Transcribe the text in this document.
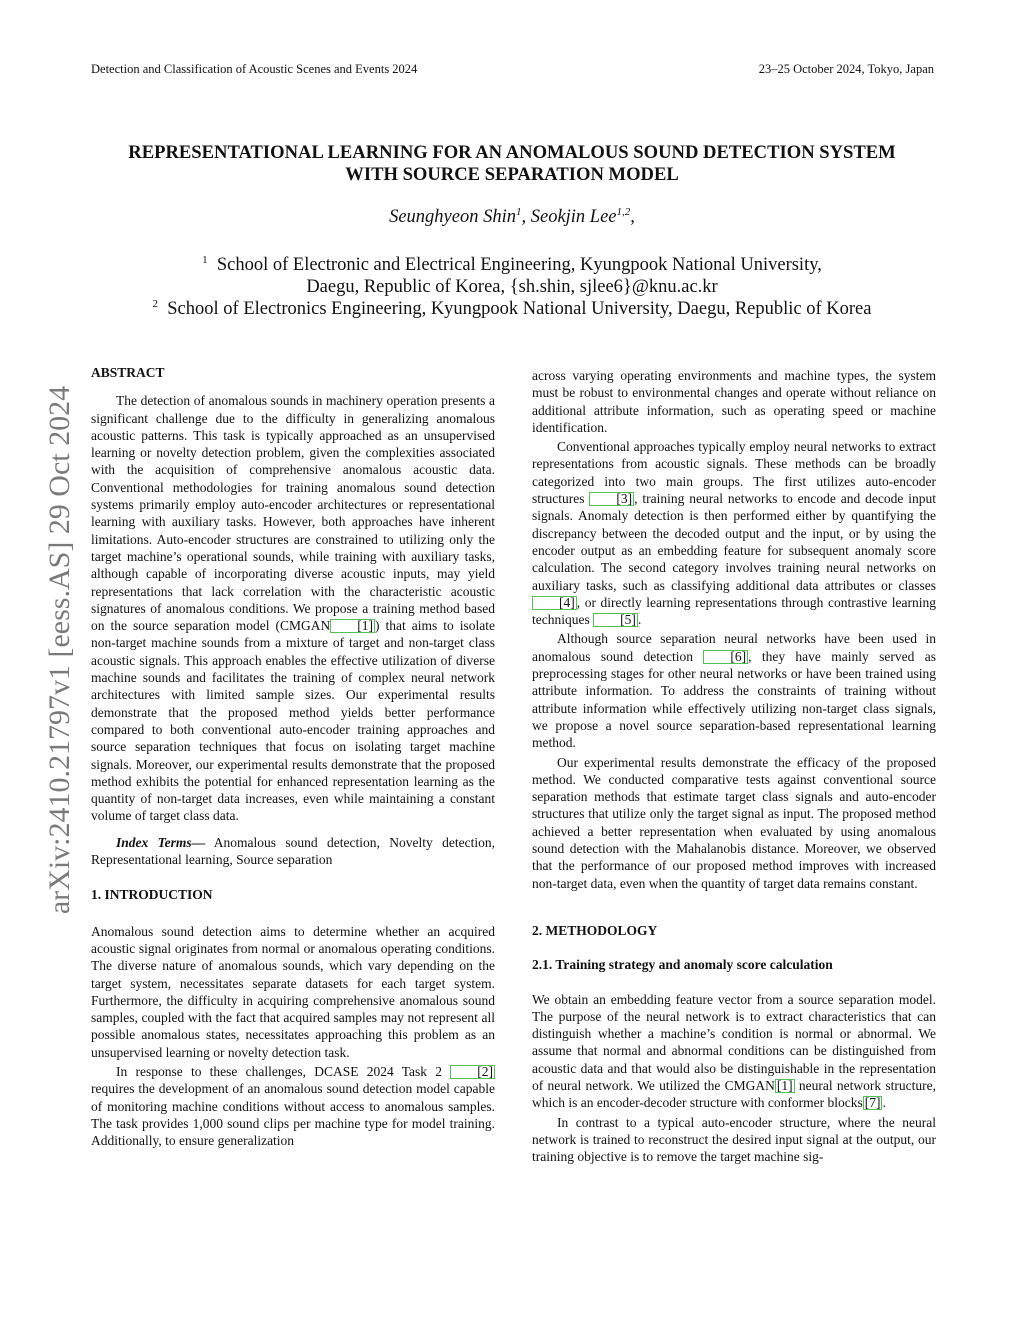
Detection and Classification of Acoustic Scenes and Events 2024	23–25 October 2024, Tokyo, Japan
arXiv:2410.21797v1 [eess.AS] 29 Oct 2024
REPRESENTATIONAL LEARNING FOR AN ANOMALOUS SOUND DETECTION SYSTEM
WITH SOURCE SEPARATION MODEL
Seunghyeon Shin$^1$, Seokjin Lee$^{1,2}$,
$^1$ School of Electronic and Electrical Engineering, Kyungpook National University,
Daegu, Republic of Korea, {sh.shin, sjlee6}@knu.ac.kr
$^2$ School of Electronics Engineering, Kyungpook National University, Daegu, Republic of Korea

ABSTRACT

The detection of anomalous sounds in machinery operation presents a significant challenge due to the difficulty in generalizing anomalous acoustic patterns. This task is typically approached as an unsupervised learning or novelty detection problem, given the complexities associated with the acquisition of comprehensive anomalous acoustic data. Conventional methodologies for training anomalous sound detection systems primarily employ auto-encoder architectures or representational learning with auxiliary tasks. However, both approaches have inherent limitations. Auto-encoder structures are constrained to utilizing only the target machine’s operational sounds, while training with auxiliary tasks, although capable of incorporating diverse acoustic inputs, may yield representations that lack correlation with the characteristic acoustic signatures of anomalous conditions. We propose a training method based on the source separation model (CMGAN [1] ) that aims to isolate non-target machine sounds from a mixture of target and non-target class acoustic signals. This approach enables the effective utilization of diverse machine sounds and facilitates the training of complex neural network architectures with limited sample sizes. Our experimental results demonstrate that the proposed method yields better performance compared to both conventional auto-encoder training approaches and source separation techniques that focus on isolating target machine signals. Moreover, our experimental results demonstrate that the proposed method exhibits the potential for enhanced representation learning as the quantity of non-target data increases, even while maintaining a constant volume of target class data.

Index Terms— Anomalous sound detection, Novelty detection, Representational learning, Source separation

1. INTRODUCTION

Anomalous sound detection aims to determine whether an acquired acoustic signal originates from normal or anomalous operating conditions. The diverse nature of anomalous sounds, which vary depending on the target system, necessitates separate datasets for each target system. Furthermore, the difficulty in acquiring comprehensive anomalous sound samples, coupled with the fact that acquired samples may not represent all possible anomalous states, necessitates approaching this problem as an unsupervised learning or novelty detection task.

In response to these challenges, DCASE 2024 Task 2 [2] requires the development of an anomalous sound detection model capable of monitoring machine conditions without access to anomalous samples. The task provides 1,000 sound clips per machine type for model training. Additionally, to ensure generalization

across varying operating environments and machine types, the system must be robust to environmental changes and operate without reliance on additional attribute information, such as operating speed or machine identification.

Conventional approaches typically employ neural networks to extract representations from acoustic signals. These methods can be broadly categorized into two main groups. The first utilizes auto-encoder structures [3] , training neural networks to encode and decode input signals. Anomaly detection is then performed either by quantifying the discrepancy between the decoded output and the input, or by using the encoder output as an embedding feature for subsequent anomaly score calculation. The second category involves training neural networks on auxiliary tasks, such as classifying additional data attributes or classes [4] , or directly learning representations through contrastive learning techniques [5] .

Although source separation neural networks have been used in anomalous sound detection [6] , they have mainly served as preprocessing stages for other neural networks or have been trained using attribute information. To address the constraints of training without attribute information while effectively utilizing non-target class signals, we propose a novel source separation-based representational learning method.

Our experimental results demonstrate the efficacy of the proposed method. We conducted comparative tests against conventional source separation methods that estimate target class signals and auto-encoder structures that utilize only the target signal as input. The proposed method achieved a better representation when evaluated by using anomalous sound detection with the Mahalanobis distance. Moreover, we observed that the performance of our proposed method improves with increased non-target data, even when the quantity of target data remains constant.

2. METHODOLOGY

2.1. Training strategy and anomaly score calculation

We obtain an embedding feature vector from a source separation model. The purpose of the neural network is to extract characteristics that can distinguish whether a machine’s condition is normal or abnormal. We assume that normal and abnormal conditions can be distinguished from acoustic data and that would also be distinguishable in the representation of neural network. We utilized the CMGAN [1] neural network structure, which is an encoder-decoder structure with conformer blocks [7] .

In contrast to a typical auto-encoder structure, where the neural network is trained to reconstruct the desired input signal at the output, our training objective is to remove the target machine sig-
